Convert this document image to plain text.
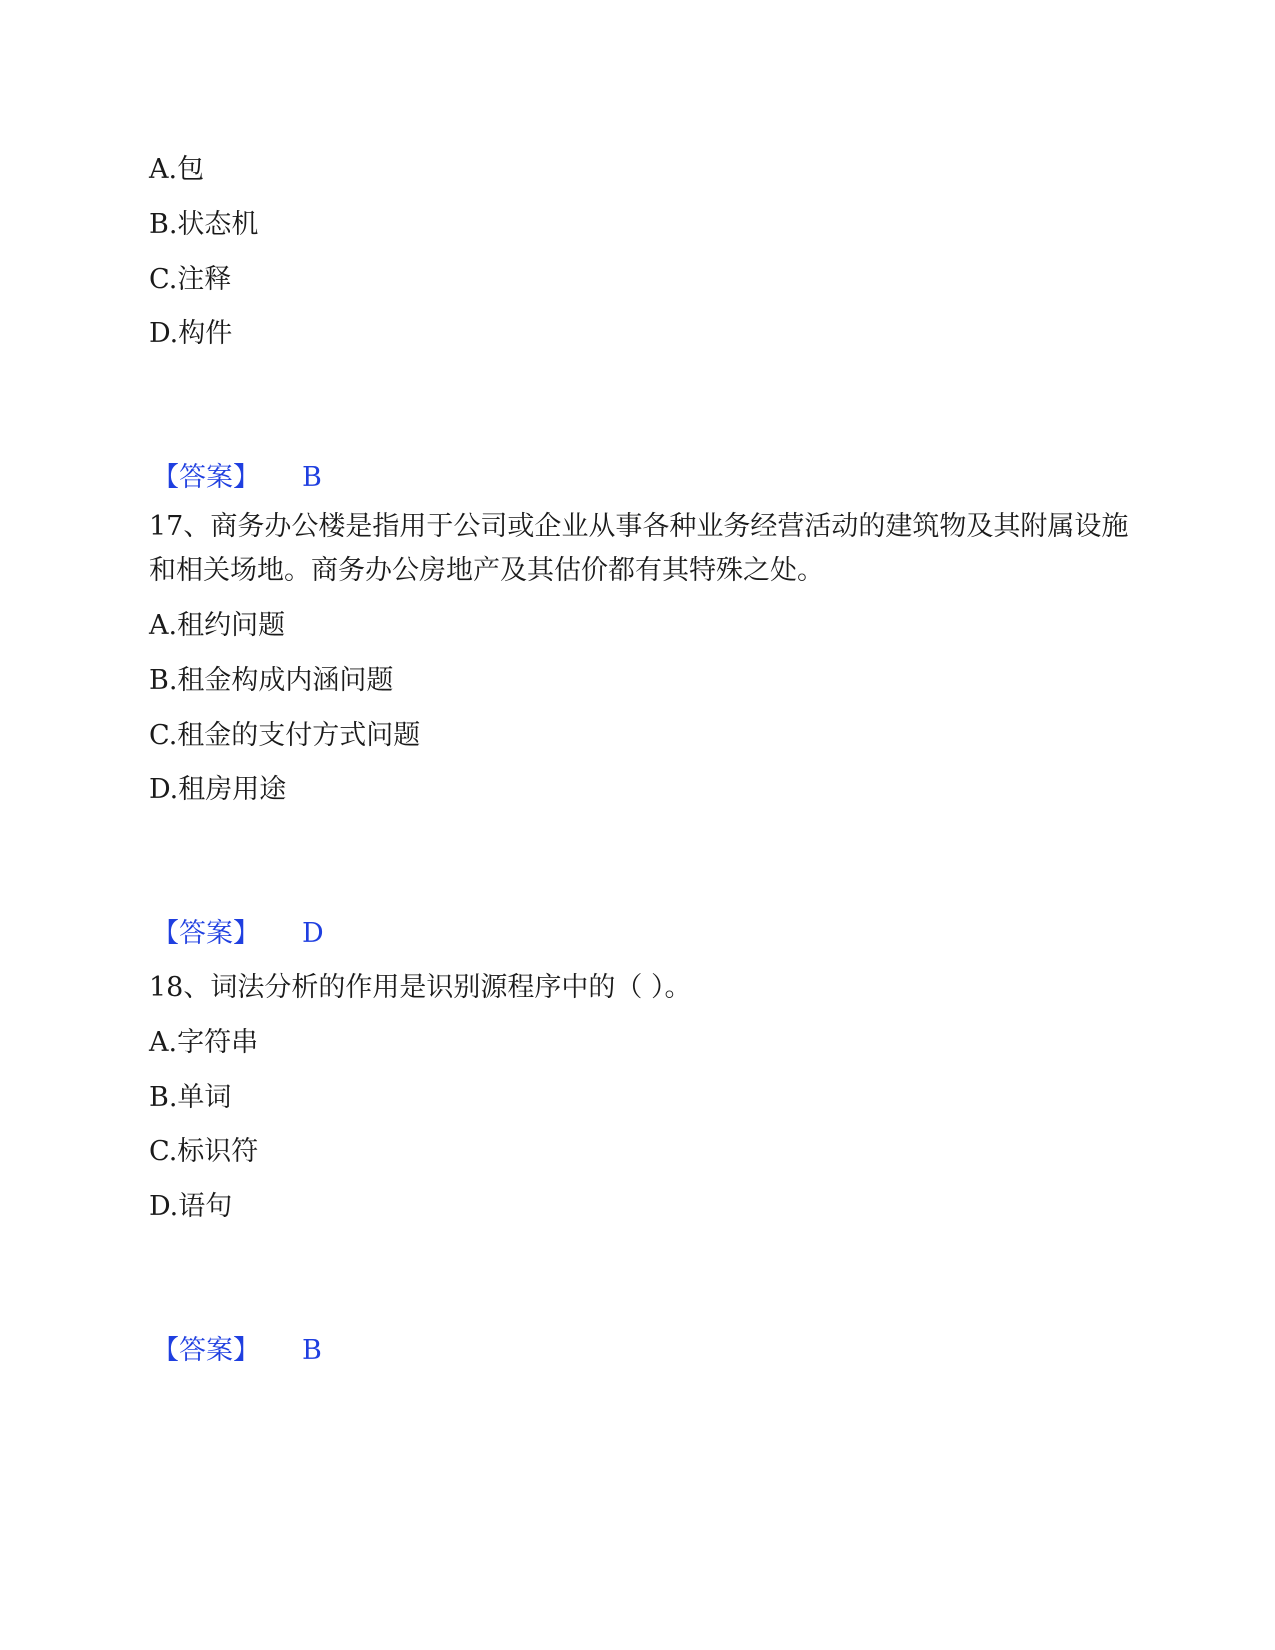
A.包
B.状态机
C.注释
D.构件
【答案】 B
17、商务办公楼是指用于公司或企业从事各种业务经营活动的建筑物及其附属设施和相关场地。商务办公房地产及其估价都有其特殊之处。
A.租约问题
B.租金构成内涵问题
C.租金的支付方式问题
D.租房用途
【答案】 D
18、词法分析的作用是识别源程序中的（ ）。
A.字符串
B.单词
C.标识符
D.语句
【答案】 B
